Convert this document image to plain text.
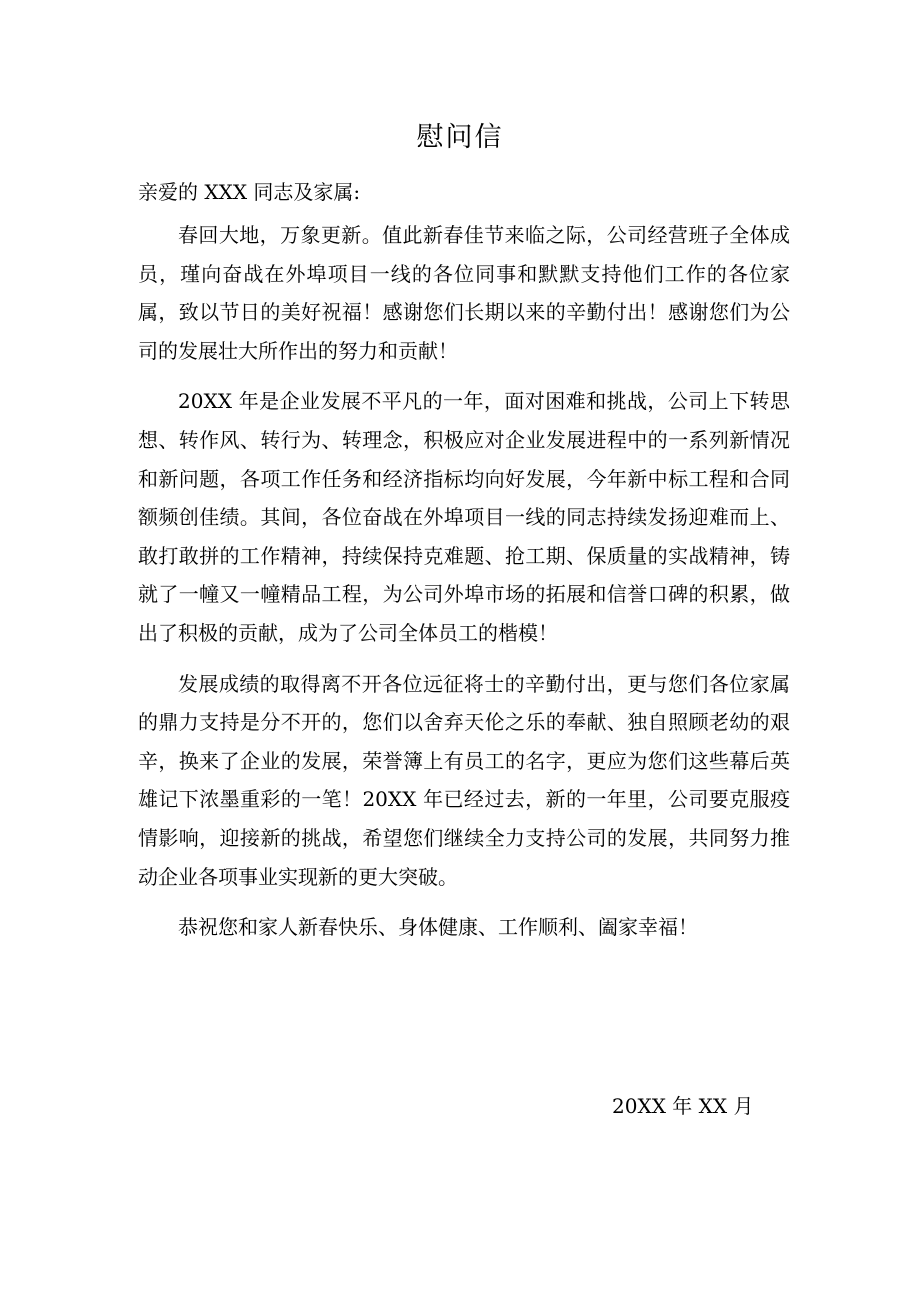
慰问信
亲爱的 XXX 同志及家属:

春回大地，万象更新。值此新春佳节来临之际，公司经营班子全体成员，瑾向奋战在外埠项目一线的各位同事和默默支持他们工作的各位家属，致以节日的美好祝福！感谢您们长期以来的辛勤付出！感谢您们为公司的发展壮大所作出的努力和贡献！

20XX 年是企业发展不平凡的一年，面对困难和挑战，公司上下转思想、转作风、转行为、转理念，积极应对企业发展进程中的一系列新情况和新问题，各项工作任务和经济指标均向好发展，今年新中标工程和合同额频创佳绩。其间，各位奋战在外埠项目一线的同志持续发扬迎难而上、敢打敢拼的工作精神，持续保持克难题、抢工期、保质量的实战精神，铸就了一幢又一幢精品工程，为公司外埠市场的拓展和信誉口碑的积累，做出了积极的贡献，成为了公司全体员工的楷模！

发展成绩的取得离不开各位远征将士的辛勤付出，更与您们各位家属的鼎力支持是分不开的，您们以舍弃天伦之乐的奉献、独自照顾老幼的艰辛，换来了企业的发展，荣誉簿上有员工的名字，更应为您们这些幕后英雄记下浓墨重彩的一笔！20XX 年已经过去，新的一年里，公司要克服疫情影响，迎接新的挑战，希望您们继续全力支持公司的发展，共同努力推动企业各项事业实现新的更大突破。

恭祝您和家人新春快乐、身体健康、工作顺利、阖家幸福！

20XX 年 XX 月
